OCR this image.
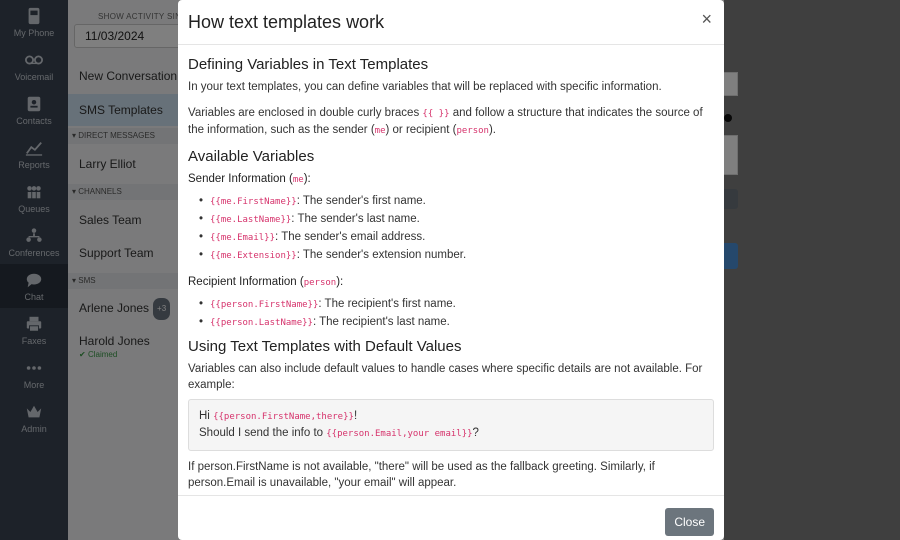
How text templates work	×
Defining Variables in Text Templates
In your text templates, you can define variables that will be replaced with specific information.
Variables are enclosed in double curly braces {{ }} and follow a structure that indicates the source of the information, such as the sender (me) or recipient (person).
Available Variables
Sender Information (me):
• {{me.FirstName}}: The sender's first name.
• {{me.LastName}}: The sender's last name.
• {{me.Email}}: The sender's email address.
• {{me.Extension}}: The sender's extension number.
Recipient Information (person):
• {{person.FirstName}}: The recipient's first name.
• {{person.LastName}}: The recipient's last name.
Using Text Templates with Default Values
Variables can also include default values to handle cases where specific details are not available. For example:
Hi {{person.FirstName,there}}!
Should I send the info to {{person.Email,your email}}?
If person.FirstName is not available, "there" will be used as the fallback greeting. Similarly, if person.Email is unavailable, "your email" will appear.
Close
